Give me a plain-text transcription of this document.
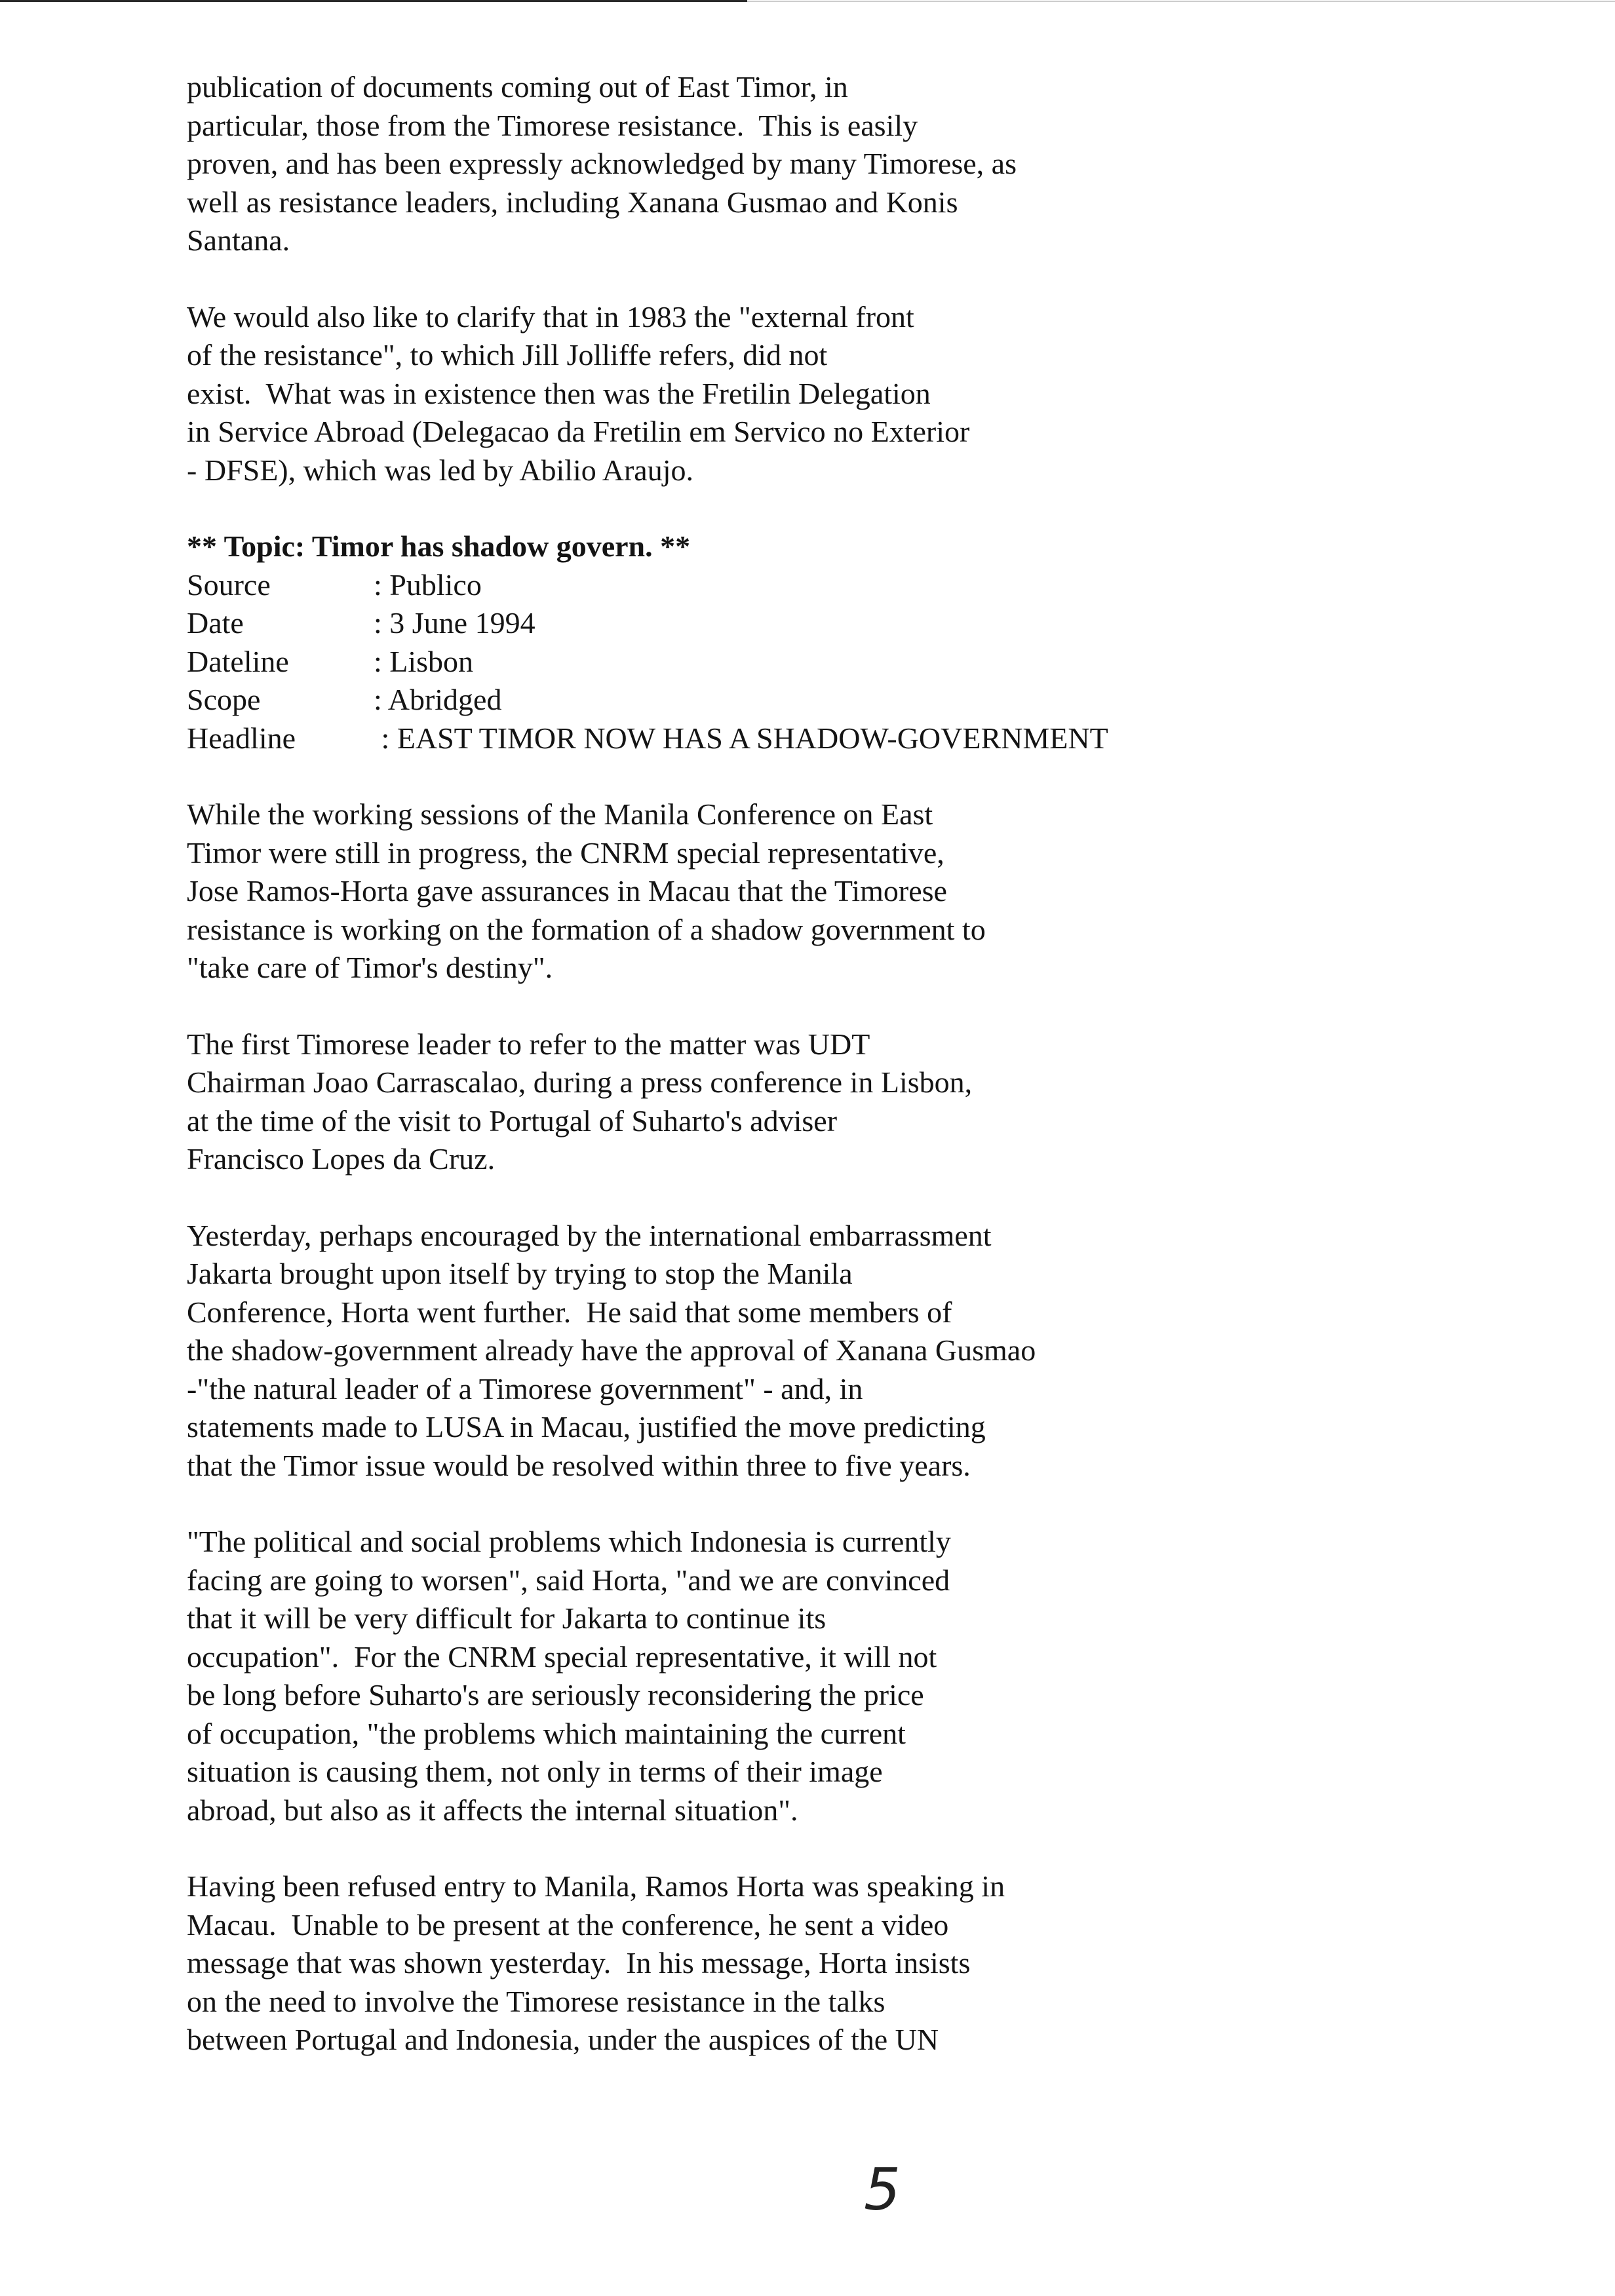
publication of documents coming out of East Timor, in
particular, those from the Timorese resistance.  This is easily
proven, and has been expressly acknowledged by many Timorese, as
well as resistance leaders, including Xanana Gusmao and Konis
Santana.
We would also like to clarify that in 1983 the "external front
of the resistance", to which Jill Jolliffe refers, did not
exist.  What was in existence then was the Fretilin Delegation
in Service Abroad (Delegacao da Fretilin em Servico no Exterior
- DFSE), which was led by Abilio Araujo.
** Topic: Timor has shadow govern. **
Source	: Publico
Date	: 3 June 1994
Dateline	: Lisbon
Scope	: Abridged
Headline	: EAST TIMOR NOW HAS A SHADOW-GOVERNMENT
While the working sessions of the Manila Conference on East
Timor were still in progress, the CNRM special representative,
Jose Ramos-Horta gave assurances in Macau that the Timorese
resistance is working on the formation of a shadow government to
"take care of Timor's destiny".
The first Timorese leader to refer to the matter was UDT
Chairman Joao Carrascalao, during a press conference in Lisbon,
at the time of the visit to Portugal of Suharto's adviser
Francisco Lopes da Cruz.
Yesterday, perhaps encouraged by the international embarrassment
Jakarta brought upon itself by trying to stop the Manila
Conference, Horta went further.  He said that some members of
the shadow-government already have the approval of Xanana Gusmao
-"the natural leader of a Timorese government" - and, in
statements made to LUSA in Macau, justified the move predicting
that the Timor issue would be resolved within three to five years.
"The political and social problems which Indonesia is currently
facing are going to worsen", said Horta, "and we are convinced
that it will be very difficult for Jakarta to continue its
occupation".  For the CNRM special representative, it will not
be long before Suharto's are seriously reconsidering the price
of occupation, "the problems which maintaining the current
situation is causing them, not only in terms of their image
abroad, but also as it affects the internal situation".
Having been refused entry to Manila, Ramos Horta was speaking in
Macau.  Unable to be present at the conference, he sent a video
message that was shown yesterday.  In his message, Horta insists
on the need to involve the Timorese resistance in the talks
between Portugal and Indonesia, under the auspices of the UN
5
